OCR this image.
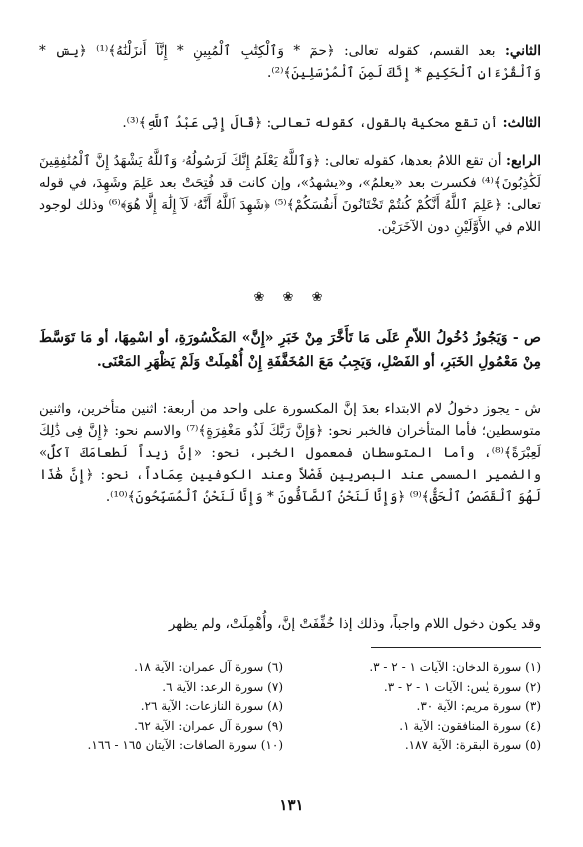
الثاني: بعد القسم، كقوله تعالى: ﴿حمٓ * وَٱلْكِتَٰبِ ٱلْمُبِينِ * إِنَّآ أَنزَلْنَٰهُ﴾⁽¹⁾ ﴿يسٓ * وَٱلْقُرْءَانِ ٱلْحَكِيمِ * إِنَّكَ لَمِنَ ٱلْمُرْسَلِينَ﴾⁽²⁾.

الثالث: أن تقع محكية بالقول، كقوله تعالى: ﴿قَالَ إِنِّى عَبْدُ ٱللَّهِ﴾⁽³⁾.

الرابع: أن تقع اللامُ بعدها، كقوله تعالى: ﴿وَٱللَّهُ يَعْلَمُ إِنَّكَ لَرَسُولُهُۥ وَٱللَّهُ يَشْهَدُ إِنَّ ٱلْمُنَٰفِقِينَ لَكَٰذِبُونَ﴾⁽⁴⁾ فكسرت بعد «يعلمُ»، و«يشهدُ»، وإن كانت قد فُتِحَتْ بعد عَلِمَ وشَهِدَ، في قوله تعالى: ﴿عَلِمَ ٱللَّهُ أَنَّكُمْ كُنتُمْ تَخْتَانُونَ أَنفُسَكُمْ﴾⁽⁵⁾ ﴿شَهِدَ ٱللَّهُ أَنَّهُۥ لَآ إِلَٰهَ إِلَّا هُوَ﴾⁽⁶⁾ وذلك لوجود اللام في الأَوَّلَيْنِ دون الآخَرَيْن.

❀ ❀ ❀

ص - وَيَجُوزُ دُخُولُ اللاّمِ عَلَى مَا تَأَخَّرَ مِنْ خَبَرِ «إِنَّ» المَكْسُورَةِ، أو اسْمِهَا، أو مَا تَوَسَّطَ مِنْ مَعْمُولِ الخَبَرِ، أو الفَصْلِ، وَيَجِبُ مَعَ المُخَفَّفَةِ إِنْ أُهْمِلَتْ وَلَمْ يَظْهَرِ المَعْنَى.

ش - يجوز دخولُ لام الابتداء بعدَ إنَّ المكسورة على واحد من أربعة: اثنين متأخرين، واثنين متوسطين؛ فأما المتأخران فالخبر نحو: ﴿وَإِنَّ رَبَّكَ لَذُو مَغْفِرَةٍ﴾⁽⁷⁾ والاسم نحو: ﴿إِنَّ فِى ذَٰلِكَ لَعِبْرَةً﴾⁽⁸⁾، وأما المتوسطان فمعمول الخبر، نحو: «إنَّ زيداً لَطعامَكَ آكلٌ» والضمير المسمى عند البصريين فَصْلاً وعند الكوفيين عِمَاداً، نحو: ﴿إِنَّ هَٰذَا لَهُوَ ٱلْقَصَصُ ٱلْحَقُّ﴾⁽⁹⁾ ﴿وَإِنَّا لَنَحْنُ ٱلصَّآفُّونَ * وَإِنَّا لَنَحْنُ ٱلْمُسَبِّحُونَ﴾⁽¹⁰⁾.

وقد يكون دخول اللام واجباً، وذلك إذا خُفِّفَتْ إنَّ، وأُهْمِلَتْ، ولم يظهر

(١) سورة الدخان: الآيات ١ - ٢ - ٣.
(٢) سورة يٰس: الآيات ١ - ٢ - ٣.
(٣) سورة مريم: الآية ٣٠.
(٤) سورة المنافقون: الآية ١.
(٥) سورة البقرة: الآية ١٨٧.
(٦) سورة آل عمران: الآية ١٨.
(٧) سورة الرعد: الآية ٦.
(٨) سورة النازعات: الآية ٢٦.
(٩) سورة آل عمران: الآية ٦٢.
(١٠) سورة الصافات: الآيتان ١٦٥ - ١٦٦.
١٣١
